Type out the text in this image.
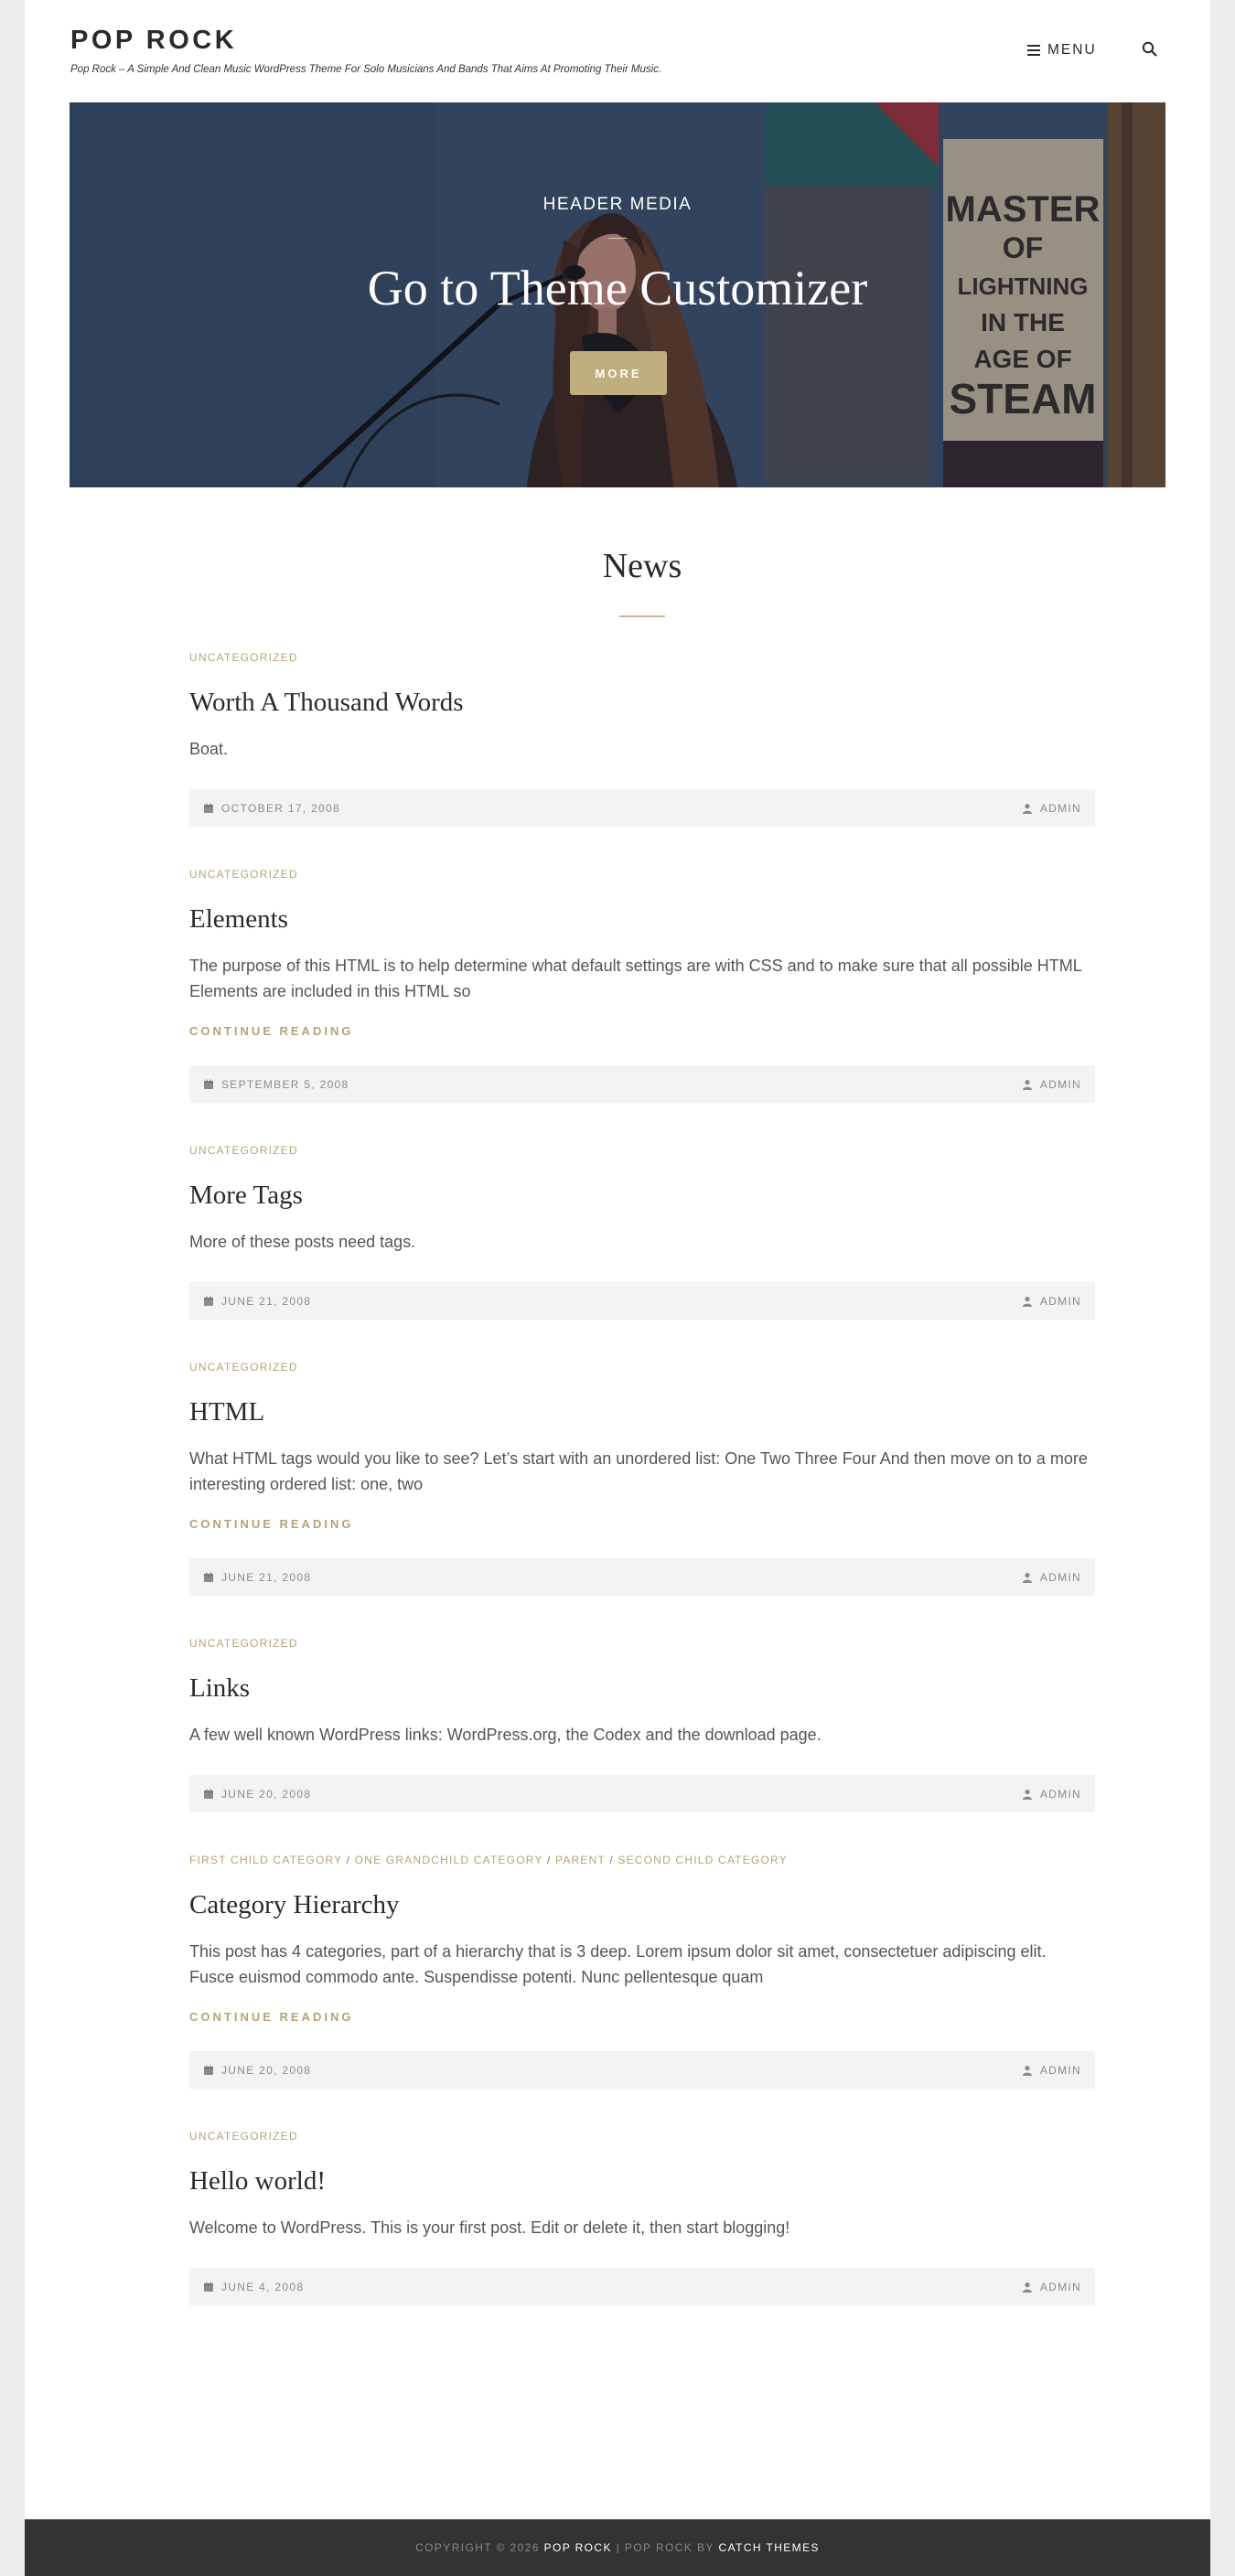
POP ROCK

Pop Rock – A Simple And Clean Music WordPress Theme For Solo Musicians And Bands That Aims At Promoting Their Music.

MENU
MASTER
OF
LIGHTNING
IN THE
AGE OF
STEAM
HEADER MEDIA
Go to Theme Customizer
MORE
News

UNCATEGORIZED

Worth A Thousand Words

Boat.

OCTOBER 17, 2008	ADMIN

UNCATEGORIZED

Elements

The purpose of this HTML is to help determine what default settings are with CSS and to make sure that all possible HTML Elements are included in this HTML so

CONTINUE READING
SEPTEMBER 5, 2008	ADMIN

UNCATEGORIZED

More Tags

More of these posts need tags.

JUNE 21, 2008	ADMIN

UNCATEGORIZED

HTML

What HTML tags would you like to see? Let’s start with an unordered list: One Two Three Four And then move on to a more interesting ordered list: one, two

CONTINUE READING
JUNE 21, 2008	ADMIN

UNCATEGORIZED

Links

A few well known WordPress links: WordPress.org, the Codex and the download page.

JUNE 20, 2008	ADMIN

FIRST CHILD CATEGORY / ONE GRANDCHILD CATEGORY / PARENT / SECOND CHILD CATEGORY

Category Hierarchy

This post has 4 categories, part of a hierarchy that is 3 deep. Lorem ipsum dolor sit amet, consectetuer adipiscing elit. Fusce euismod commodo ante. Suspendisse potenti. Nunc pellentesque quam

CONTINUE READING
JUNE 20, 2008	ADMIN

UNCATEGORIZED

Hello world!

Welcome to WordPress. This is your first post. Edit or delete it, then start blogging!

JUNE 4, 2008	ADMIN
COPYRIGHT © 2026
POP ROCK
|
POP ROCK BY
CATCH THEMES
